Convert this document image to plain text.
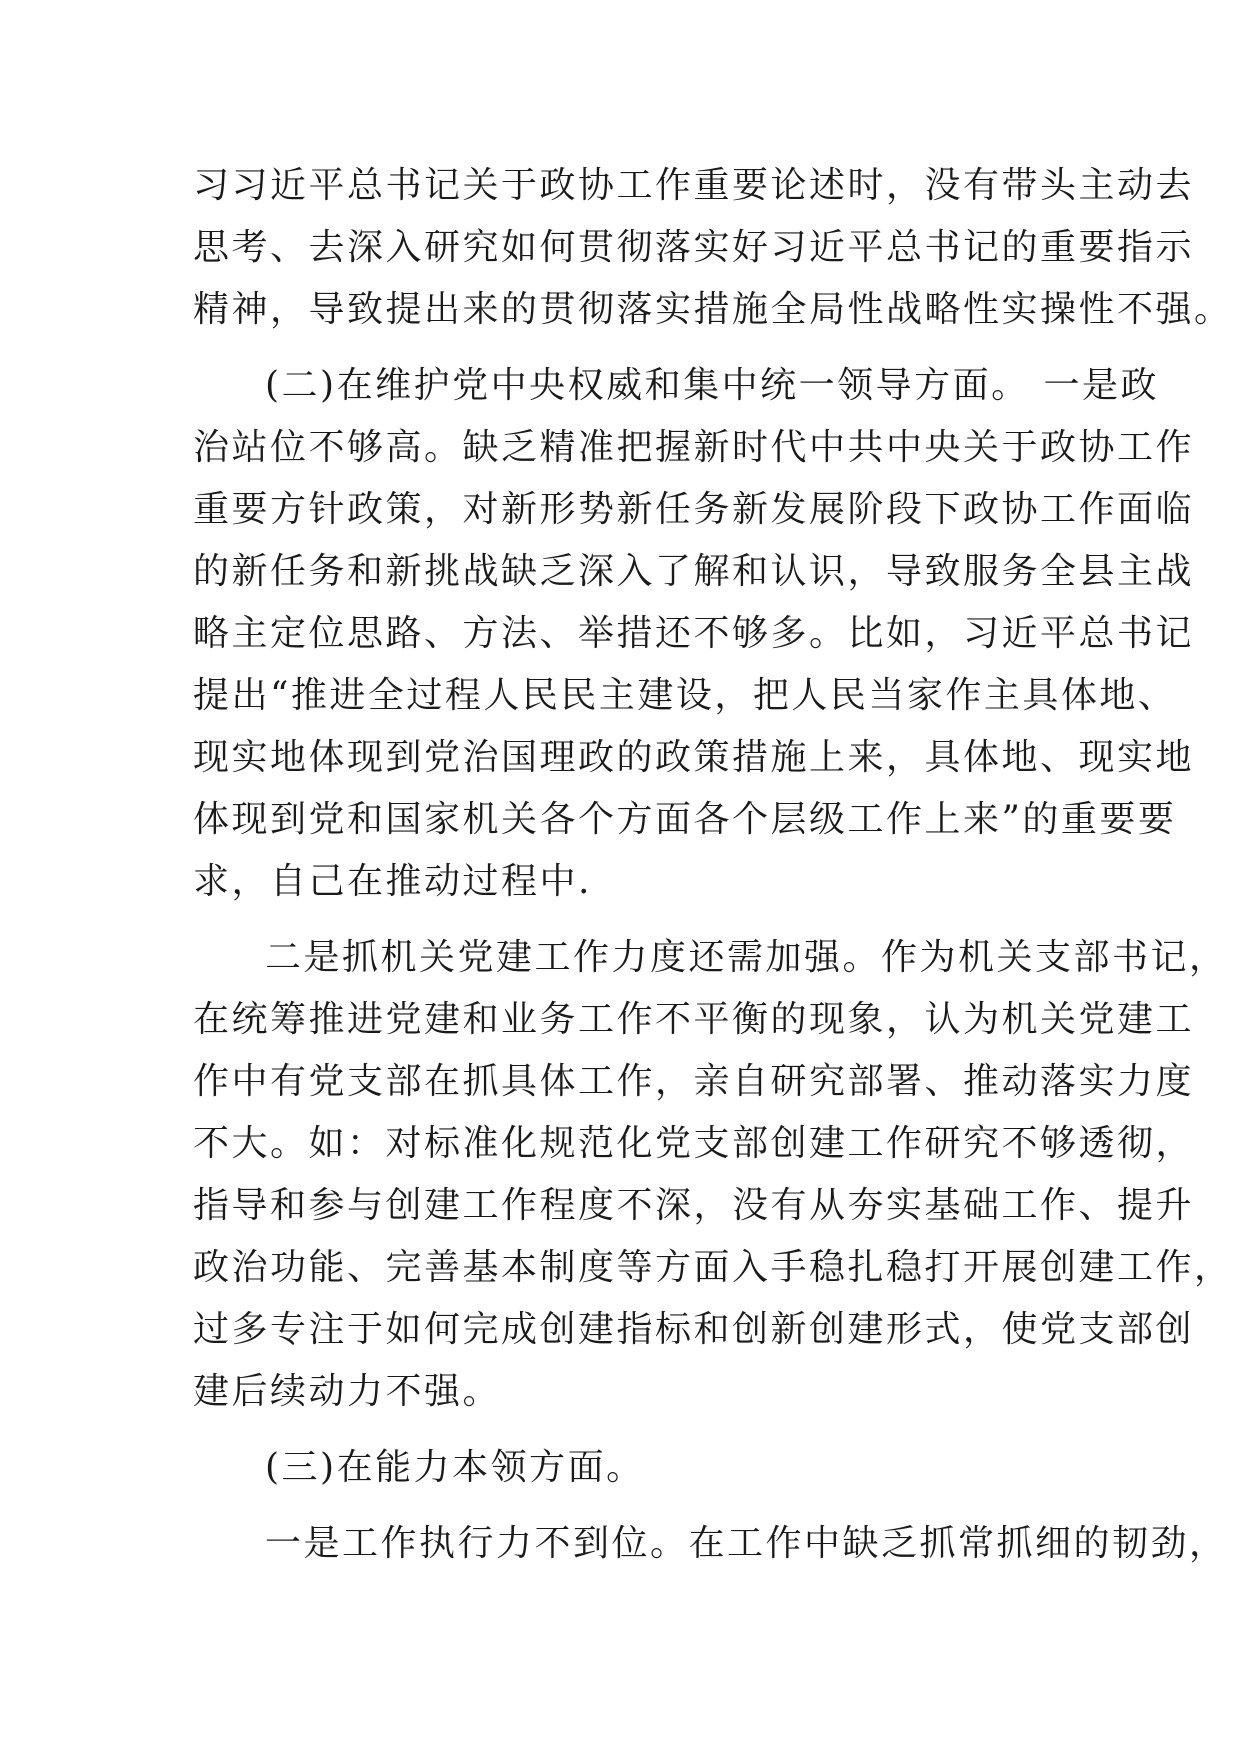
习习近平总书记关于政协工作重要论述时，没有带头主动去
思考、去深入研究如何贯彻落实好习近平总书记的重要指示
精神，导致提出来的贯彻落实措施全局性战略性实操性不强。
(二)在维护党中央权威和集中统一领导方面。 一是政
治站位不够高。缺乏精准把握新时代中共中央关于政协工作
重要方针政策，对新形势新任务新发展阶段下政协工作面临
的新任务和新挑战缺乏深入了解和认识，导致服务全县主战
略主定位思路、方法、举措还不够多。比如，习近平总书记
提出“推进全过程人民民主建设，把人民当家作主具体地、
现实地体现到党治国理政的政策措施上来，具体地、现实地
体现到党和国家机关各个方面各个层级工作上来”的重要要
求，自己在推动过程中.
二是抓机关党建工作力度还需加强。作为机关支部书记，
在统筹推进党建和业务工作不平衡的现象，认为机关党建工
作中有党支部在抓具体工作，亲自研究部署、推动落实力度
不大。如：对标准化规范化党支部创建工作研究不够透彻，
指导和参与创建工作程度不深，没有从夯实基础工作、提升
政治功能、完善基本制度等方面入手稳扎稳打开展创建工作，
过多专注于如何完成创建指标和创新创建形式，使党支部创
建后续动力不强。
(三)在能力本领方面。
一是工作执行力不到位。在工作中缺乏抓常抓细的韧劲，
